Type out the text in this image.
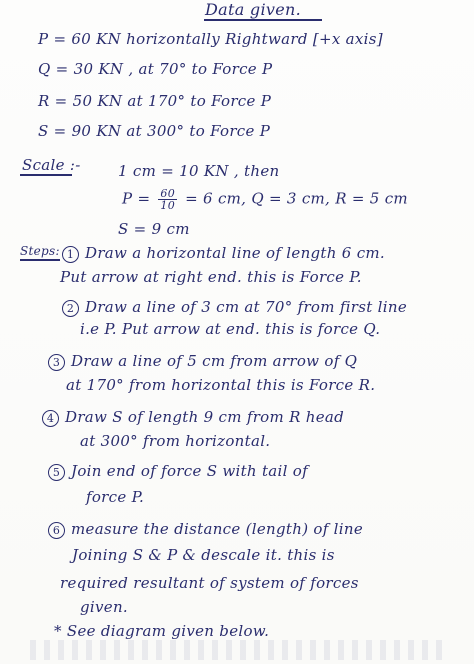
Data given.
P = 60 KN horizontally Rightward [+x axis]
Q = 30 KN , at 70° to Force P
R = 50 KN at 170° to Force P
S = 90 KN at 300° to Force P
Scale :- 1 cm = 10 KN , then
$P = \frac{60}{10} = 6$ cm, Q = 3 cm, R = 5 cm
S = 9 cm
Steps: 1 Draw a horizontal line of length 6 cm.
Put arrow at right end. this is Force P.
2 Draw a line of 3 cm at 70° from first line
i.e P. Put arrow at end. this is force Q.
3 Draw a line of 5 cm from arrow of Q
at 170° from horizontal this is Force R.
4 Draw S of length 9 cm from R head
at 300° from horizontal.
5 Join end of force S with tail of
force P.
6 measure the distance (length) of line
Joining S & P & descale it. this is
required resultant of system of forces
given.
* See diagram given below.
